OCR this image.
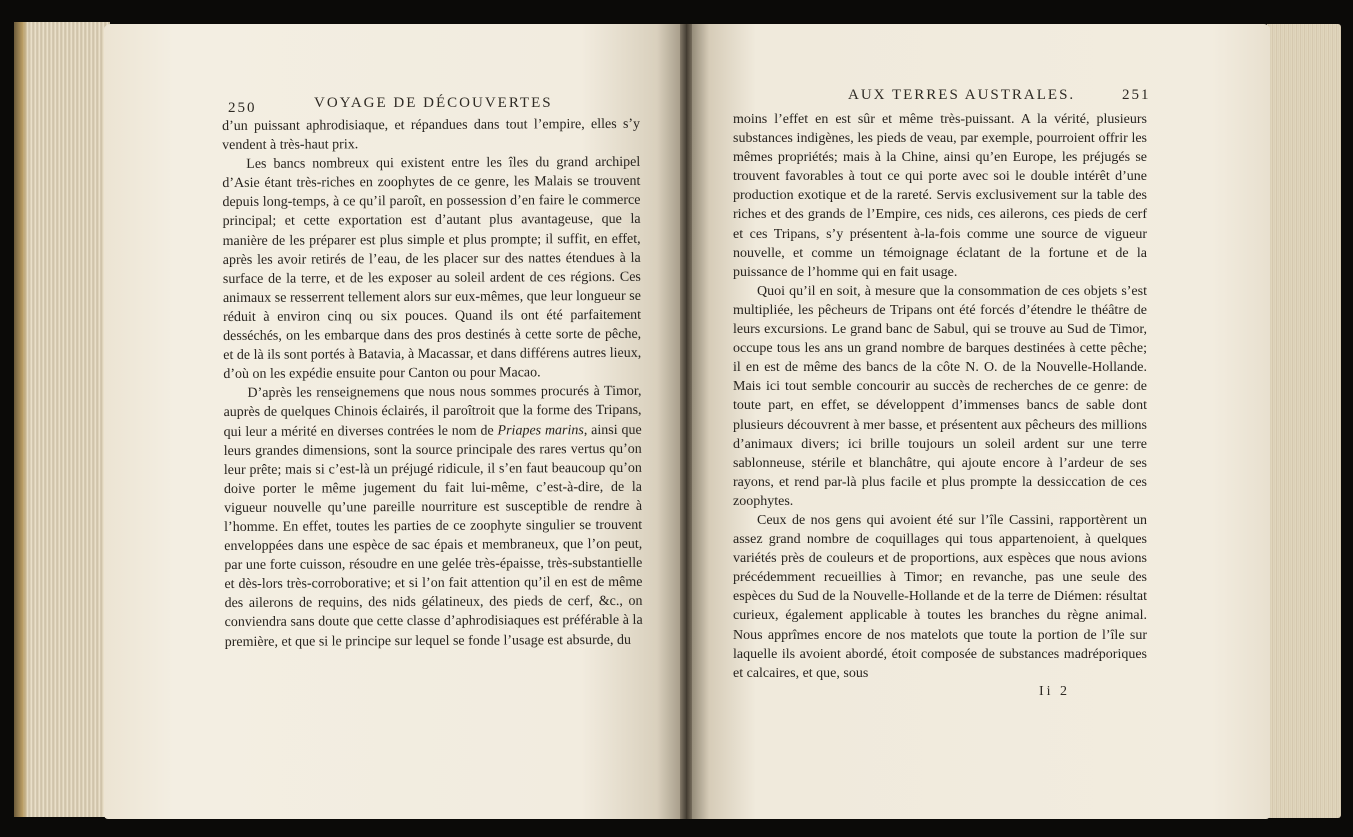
250	VOYAGE DE DÉCOUVERTES

d’un puissant aphrodisiaque, et répandues dans tout l’empire, elles s’y vendent à très-haut prix.

Les bancs nombreux qui existent entre les îles du grand archipel d’Asie étant très-riches en zoophytes de ce genre, les Malais se trouvent depuis long-temps, à ce qu’il paroît, en possession d’en faire le commerce principal; et cette exportation est d’autant plus avantageuse, que la manière de les préparer est plus simple et plus prompte; il suffit, en effet, après les avoir retirés de l’eau, de les placer sur des nattes étendues à la surface de la terre, et de les exposer au soleil ardent de ces régions. Ces animaux se resserrent tellement alors sur eux-mêmes, que leur longueur se réduit à environ cinq ou six pouces. Quand ils ont été parfaitement desséchés, on les embarque dans des pros destinés à cette sorte de pêche, et de là ils sont portés à Batavia, à Macassar, et dans différens autres lieux, d’où on les expédie ensuite pour Canton ou pour Macao.

D’après les renseignemens que nous nous sommes procurés à Timor, auprès de quelques Chinois éclairés, il paroîtroit que la forme des Tripans, qui leur a mérité en diverses contrées le nom de Priapes marins, ainsi que leurs grandes dimensions, sont la source principale des rares vertus qu’on leur prête; mais si c’est-là un préjugé ridicule, il s’en faut beaucoup qu’on doive porter le même jugement du fait lui-même, c’est-à-dire, de la vigueur nouvelle qu’une pareille nourriture est susceptible de rendre à l’homme. En effet, toutes les parties de ce zoophyte singulier se trouvent enveloppées dans une espèce de sac épais et membraneux, que l’on peut, par une forte cuisson, résoudre en une gelée très-épaisse, très-substantielle et dès-lors très-corroborative; et si l’on fait attention qu’il en est de même des ailerons de requins, des nids gélatineux, des pieds de cerf, &c., on conviendra sans doute que cette classe d’aphrodisiaques est préférable à la première, et que si le principe sur lequel se fonde l’usage est absurde, du

AUX TERRES AUSTRALES.	251

moins l’effet en est sûr et même très-puissant. A la vérité, plusieurs substances indigènes, les pieds de veau, par exemple, pourroient offrir les mêmes propriétés; mais à la Chine, ainsi qu’en Europe, les préjugés se trouvent favorables à tout ce qui porte avec soi le double intérêt d’une production exotique et de la rareté. Servis exclusivement sur la table des riches et des grands de l’Empire, ces nids, ces ailerons, ces pieds de cerf et ces Tripans, s’y présentent à-la-fois comme une source de vigueur nouvelle, et comme un témoignage éclatant de la fortune et de la puissance de l’homme qui en fait usage.

Quoi qu’il en soit, à mesure que la consommation de ces objets s’est multipliée, les pêcheurs de Tripans ont été forcés d’étendre le théâtre de leurs excursions. Le grand banc de Sabul, qui se trouve au Sud de Timor, occupe tous les ans un grand nombre de barques destinées à cette pêche; il en est de même des bancs de la côte N. O. de la Nouvelle-Hollande. Mais ici tout semble concourir au succès de recherches de ce genre: de toute part, en effet, se développent d’immenses bancs de sable dont plusieurs découvrent à mer basse, et présentent aux pêcheurs des millions d’animaux divers; ici brille toujours un soleil ardent sur une terre sablonneuse, stérile et blanchâtre, qui ajoute encore à l’ardeur de ses rayons, et rend par-là plus facile et plus prompte la dessiccation de ces zoophytes.

Ceux de nos gens qui avoient été sur l’île Cassini, rapportèrent un assez grand nombre de coquillages qui tous appartenoient, à quelques variétés près de couleurs et de proportions, aux espèces que nous avions précédemment recueillies à Timor; en revanche, pas une seule des espèces du Sud de la Nouvelle-Hollande et de la terre de Diémen: résultat curieux, également applicable à toutes les branches du règne animal. Nous apprîmes encore de nos matelots que toute la portion de l’île sur laquelle ils avoient abordé, étoit composée de substances madréporiques et calcaires, et que, sous

Ii 2
